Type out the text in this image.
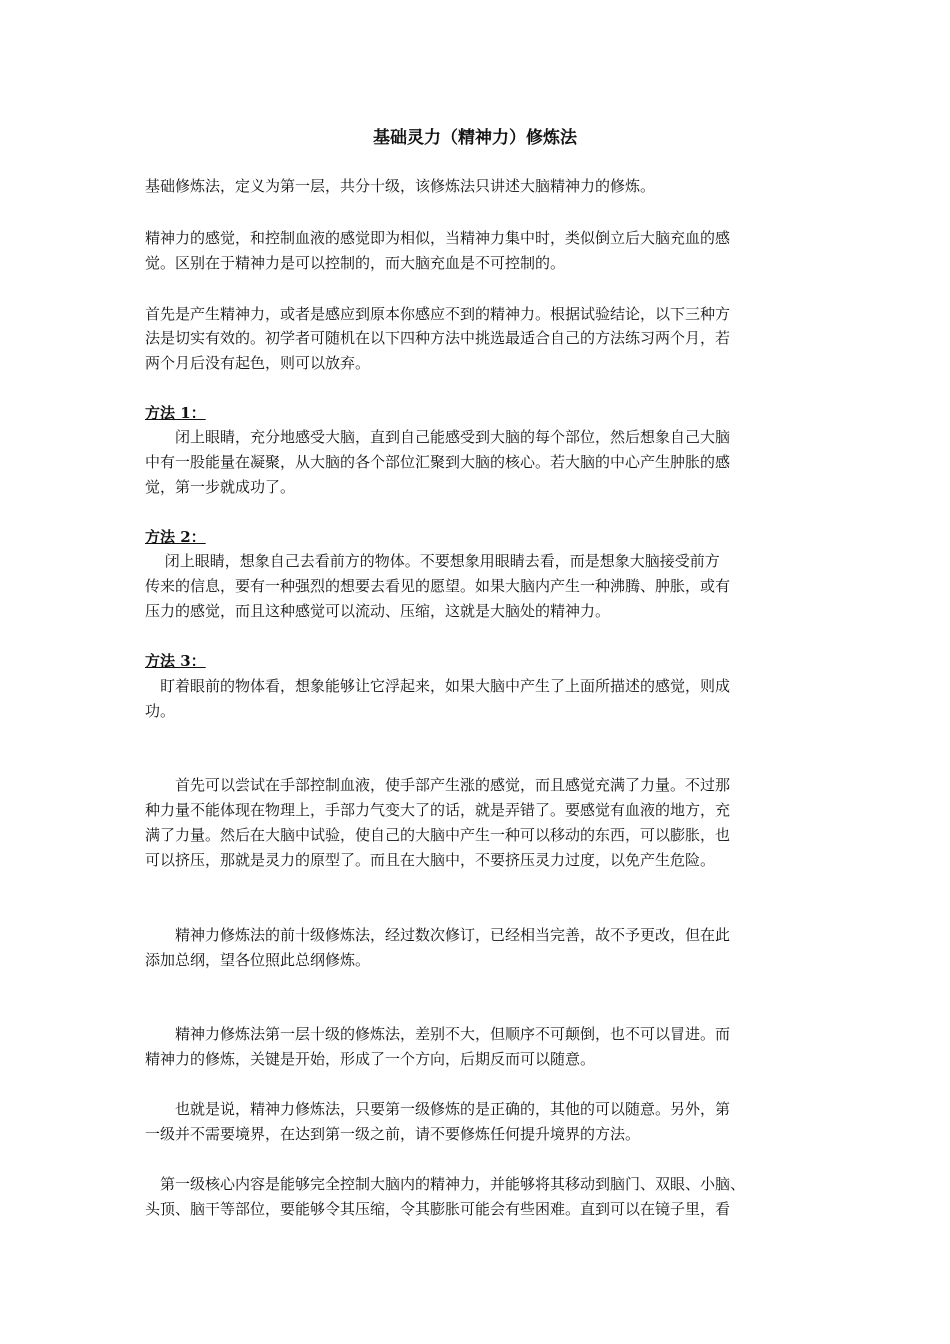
基础灵力（精神力）修炼法

基础修炼法，定义为第一层，共分十级，该修炼法只讲述大脑精神力的修炼。

精神力的感觉，和控制血液的感觉即为相似，当精神力集中时，类似倒立后大脑充血的感

觉。区别在于精神力是可以控制的，而大脑充血是不可控制的。

首先是产生精神力，或者是感应到原本你感应不到的精神力。根据试验结论，以下三种方

法是切实有效的。初学者可随机在以下四种方法中挑选最适合自己的方法练习两个月，若

两个月后没有起色，则可以放弃。

方法 1：

　　闭上眼睛，充分地感受大脑，直到自己能感受到大脑的每个部位，然后想象自己大脑

中有一股能量在凝聚，从大脑的各个部位汇聚到大脑的核心。若大脑的中心产生肿胀的感

觉，第一步就成功了。

方法 2：

　 闭上眼睛，想象自己去看前方的物体。不要想象用眼睛去看，而是想象大脑接受前方

传来的信息，要有一种强烈的想要去看见的愿望。如果大脑内产生一种沸腾、肿胀，或有

压力的感觉，而且这种感觉可以流动、压缩，这就是大脑处的精神力。

方法 3：

　盯着眼前的物体看，想象能够让它浮起来，如果大脑中产生了上面所描述的感觉，则成

功。

　　首先可以尝试在手部控制血液，使手部产生涨的感觉，而且感觉充满了力量。不过那

种力量不能体现在物理上，手部力气变大了的话，就是弄错了。要感觉有血液的地方，充

满了力量。然后在大脑中试验，使自己的大脑中产生一种可以移动的东西，可以膨胀，也

可以挤压，那就是灵力的原型了。而且在大脑中，不要挤压灵力过度，以免产生危险。

　　精神力修炼法的前十级修炼法，经过数次修订，已经相当完善，故不予更改，但在此

添加总纲，望各位照此总纲修炼。

　　精神力修炼法第一层十级的修炼法，差别不大，但顺序不可颠倒，也不可以冒进。而

精神力的修炼，关键是开始，形成了一个方向，后期反而可以随意。

　　也就是说，精神力修炼法，只要第一级修炼的是正确的，其他的可以随意。另外，第

一级并不需要境界，在达到第一级之前，请不要修炼任何提升境界的方法。

　第一级核心内容是能够完全控制大脑内的精神力，并能够将其移动到脑门、双眼、小脑、

头顶、脑干等部位，要能够令其压缩，令其膨胀可能会有些困难。直到可以在镜子里，看
